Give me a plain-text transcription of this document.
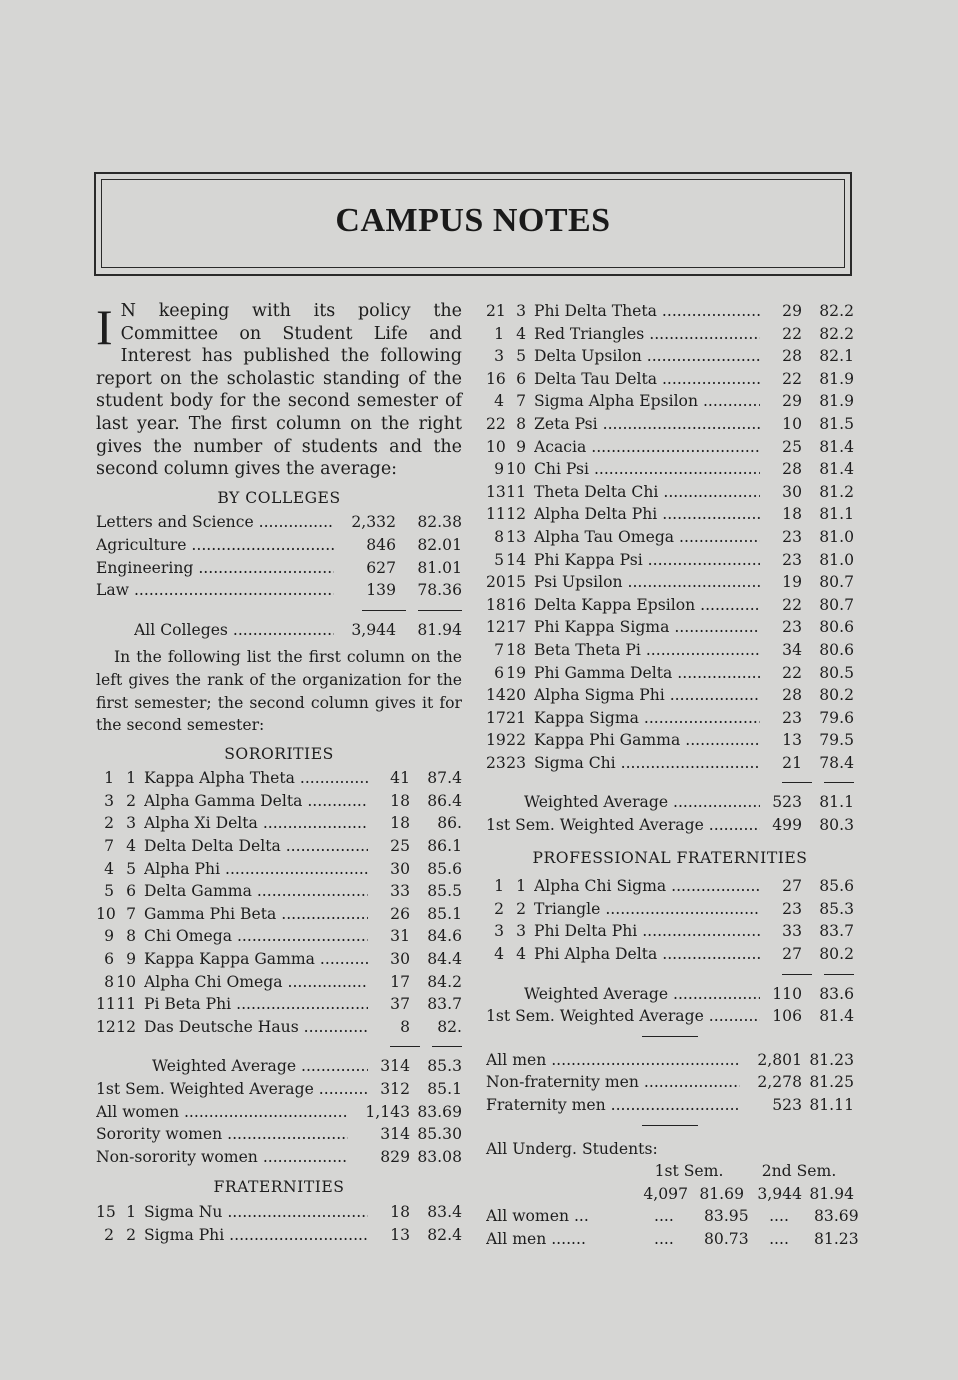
CAMPUS NOTES
I N keeping with its policy the Committee on Student Life and Interest has published the following report on the scholastic standing of the student body for the second semester of last year. The first column on the right gives the number of students and the second column gives the average:
BY COLLEGES
Letters and Science .....	2,332	82.38
Agriculture .....	846	82.01
Engineering .....	627	81.01
Law .....	139	78.36
All Colleges .....	3,944	81.94
In the following list the first column on the left gives the rank of the organization for the first semester; the second column gives it for the second semester:
SORORITIES
1 1 Kappa Alpha Theta .....	41	87.4
3 2 Alpha Gamma Delta .....	18	86.4
2 3 Alpha Xi Delta .....	18	86.
7 4 Delta Delta Delta .....	25	86.1
4 5 Alpha Phi .....	30	85.6
5 6 Delta Gamma .....	33	85.5
10 7 Gamma Phi Beta .....	26	85.1
9 8 Chi Omega .....	31	84.6
6 9 Kappa Kappa Gamma .....	30	84.4
8 10 Alpha Chi Omega .....	17	84.2
11 11 Pi Beta Phi .....	37	83.7
12 12 Das Deutsche Haus .....	8	82.
Weighted Average .....	314	85.3
1st Sem. Weighted Average .....	312	85.1
All women .....	1,143 83.69
Sorority women .....	314 85.30
Non-sorority women .....	829 83.08
FRATERNITIES
15 1 Sigma Nu .....	18	83.4
2 2 Sigma Phi .....	13	82.4
21 3 Phi Delta Theta .....	29	82.2
1 4 Red Triangles .....	22	82.2
3 5 Delta Upsilon .....	28	82.1
16 6 Delta Tau Delta .....	22	81.9
4 7 Sigma Alpha Epsilon .....	29	81.9
22 8 Zeta Psi .....	10	81.5
10 9 Acacia .....	25	81.4
9 10 Chi Psi .....	28	81.4
13 11 Theta Delta Chi .....	30	81.2
11 12 Alpha Delta Phi .....	18	81.1
8 13 Alpha Tau Omega .....	23	81.0
5 14 Phi Kappa Psi .....	23	81.0
20 15 Psi Upsilon .....	19	80.7
18 16 Delta Kappa Epsilon .....	22	80.7
12 17 Phi Kappa Sigma .....	23	80.6
7 18 Beta Theta Pi .....	34	80.6
6 19 Phi Gamma Delta .....	22	80.5
14 20 Alpha Sigma Phi .....	28	80.2
17 21 Kappa Sigma .....	23	79.6
19 22 Kappa Phi Gamma .....	13	79.5
23 23 Sigma Chi .....	21	78.4
Weighted Average .....	523	81.1
1st Sem. Weighted Average .....	499	80.3
PROFESSIONAL FRATERNITIES
1 1 Alpha Chi Sigma .....	27	85.6
2 2 Triangle .....	23	85.3
3 3 Phi Delta Phi .....	33	83.7
4 4 Phi Alpha Delta .....	27	80.2
Weighted Average .....	110	83.6
1st Sem. Weighted Average .....	106	81.4
All men .....	2,801 81.23
Non-fraternity men .....	2,278 81.25
Fraternity men .....	523 81.11
All Underg. Students:
1st Sem.	2nd Sem.
4,097 81.69 3,944 81.94
All women ...	....	83.95	....	83.69
All men .......	....	80.73	....	81.23
